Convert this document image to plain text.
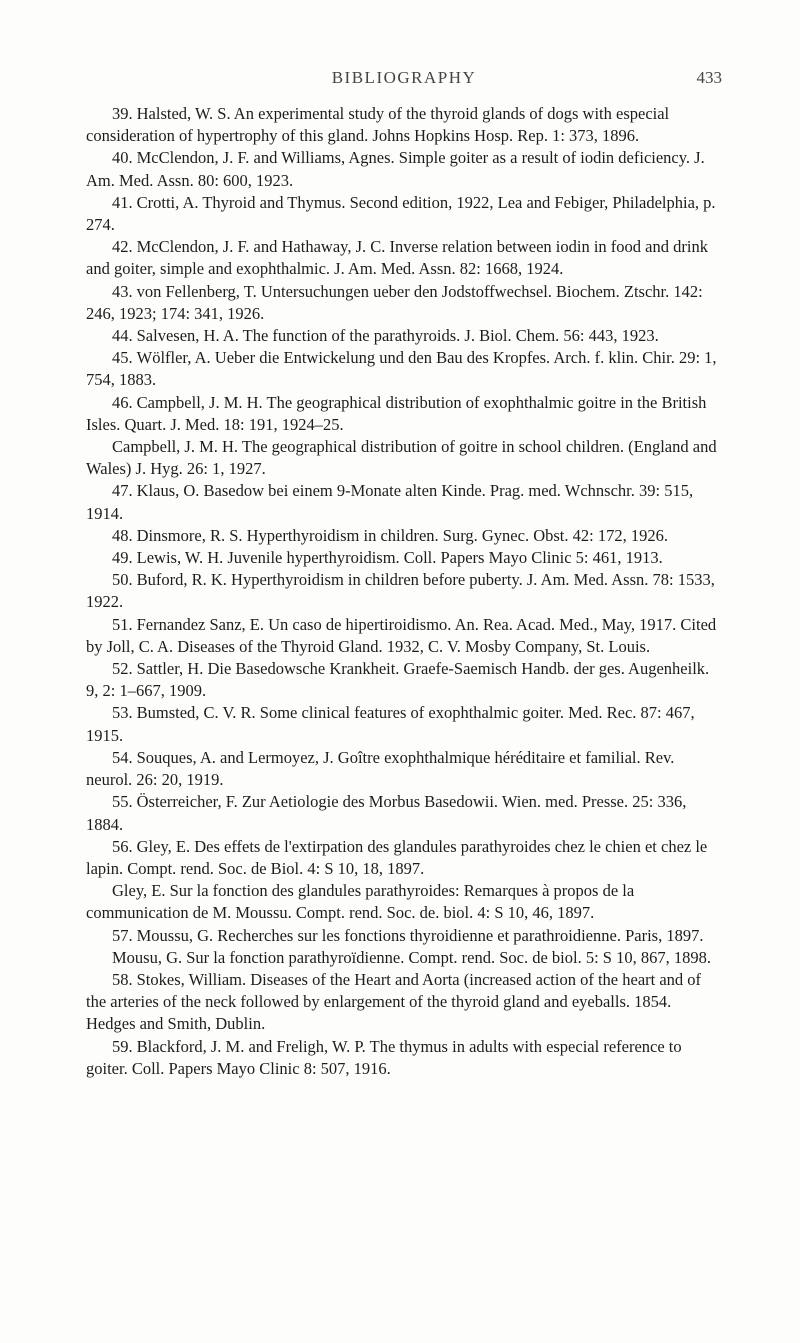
BIBLIOGRAPHY	433

39. Halsted, W. S. An experimental study of the thyroid glands of dogs with especial consideration of hypertrophy of this gland. Johns Hopkins Hosp. Rep. 1: 373, 1896.

40. McClendon, J. F. and Williams, Agnes. Simple goiter as a result of iodin deficiency. J. Am. Med. Assn. 80: 600, 1923.

41. Crotti, A. Thyroid and Thymus. Second edition, 1922, Lea and Febiger, Philadelphia, p. 274.

42. McClendon, J. F. and Hathaway, J. C. Inverse relation between iodin in food and drink and goiter, simple and exophthalmic. J. Am. Med. Assn. 82: 1668, 1924.

43. von Fellenberg, T. Untersuchungen ueber den Jodstoffwechsel. Biochem. Ztschr. 142: 246, 1923; 174: 341, 1926.

44. Salvesen, H. A. The function of the parathyroids. J. Biol. Chem. 56: 443, 1923.

45. Wölfler, A. Ueber die Entwickelung und den Bau des Kropfes. Arch. f. klin. Chir. 29: 1, 754, 1883.

46. Campbell, J. M. H. The geographical distribution of exophthalmic goitre in the British Isles. Quart. J. Med. 18: 191, 1924–25.

Campbell, J. M. H. The geographical distribution of goitre in school children. (England and Wales) J. Hyg. 26: 1, 1927.

47. Klaus, O. Basedow bei einem 9-Monate alten Kinde. Prag. med. Wchnschr. 39: 515, 1914.

48. Dinsmore, R. S. Hyperthyroidism in children. Surg. Gynec. Obst. 42: 172, 1926.

49. Lewis, W. H. Juvenile hyperthyroidism. Coll. Papers Mayo Clinic 5: 461, 1913.

50. Buford, R. K. Hyperthyroidism in children before puberty. J. Am. Med. Assn. 78: 1533, 1922.

51. Fernandez Sanz, E. Un caso de hipertiroidismo. An. Rea. Acad. Med., May, 1917. Cited by Joll, C. A. Diseases of the Thyroid Gland. 1932, C. V. Mosby Company, St. Louis.

52. Sattler, H. Die Basedowsche Krankheit. Graefe-Saemisch Handb. der ges. Augenheilk. 9, 2: 1–667, 1909.

53. Bumsted, C. V. R. Some clinical features of exophthalmic goiter. Med. Rec. 87: 467, 1915.

54. Souques, A. and Lermoyez, J. Goître exophthalmique héréditaire et familial. Rev. neurol. 26: 20, 1919.

55. Österreicher, F. Zur Aetiologie des Morbus Basedowii. Wien. med. Presse. 25: 336, 1884.

56. Gley, E. Des effets de l'extirpation des glandules parathyroides chez le chien et chez le lapin. Compt. rend. Soc. de Biol. 4: S 10, 18, 1897.

Gley, E. Sur la fonction des glandules parathyroides: Remarques à propos de la communication de M. Moussu. Compt. rend. Soc. de. biol. 4: S 10, 46, 1897.

57. Moussu, G. Recherches sur les fonctions thyroidienne et parathroidienne. Paris, 1897.

Mousu, G. Sur la fonction parathyroïdienne. Compt. rend. Soc. de biol. 5: S 10, 867, 1898.

58. Stokes, William. Diseases of the Heart and Aorta (increased action of the heart and of the arteries of the neck followed by enlargement of the thyroid gland and eyeballs. 1854. Hedges and Smith, Dublin.

59. Blackford, J. M. and Freligh, W. P. The thymus in adults with especial reference to goiter. Coll. Papers Mayo Clinic 8: 507, 1916.
